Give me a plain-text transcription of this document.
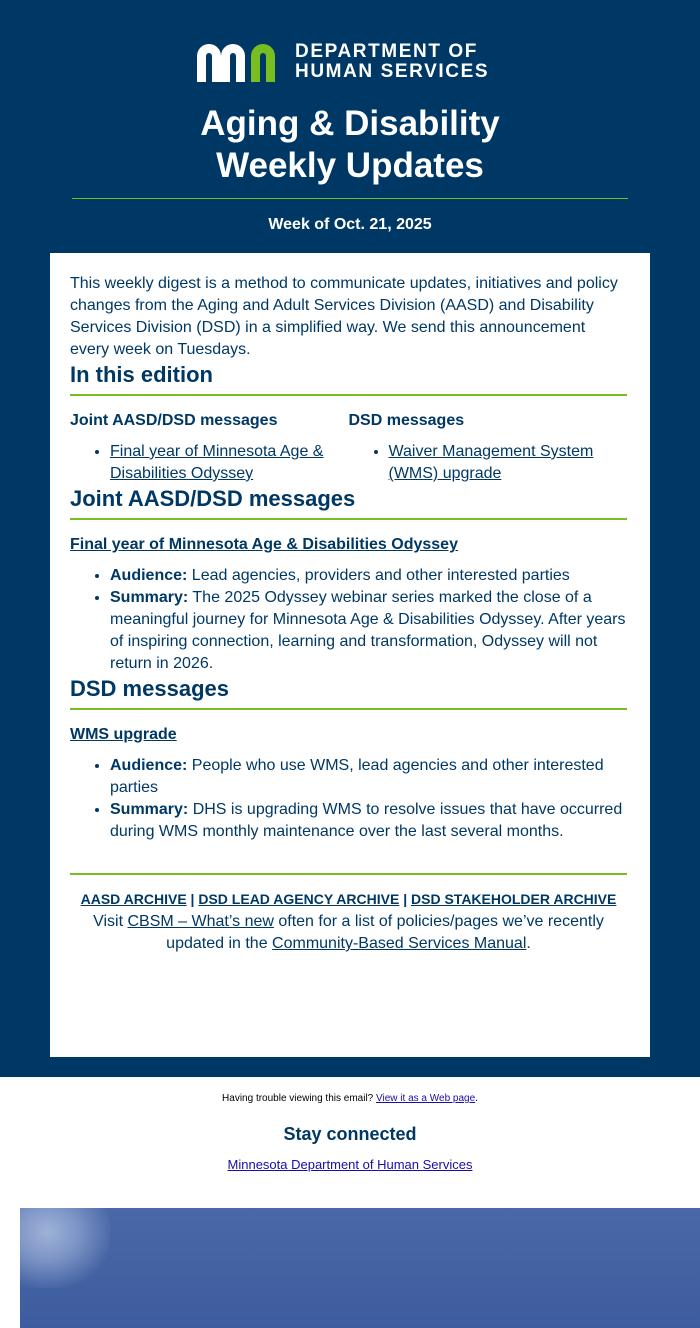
DEPARTMENT OF
HUMAN SERVICES
Aging & Disability
Weekly Updates
Week of Oct. 21, 2025

This weekly digest is a method to communicate updates, initiatives and policy changes from the Aging and Adult Services Division (AASD) and Disability Services Division (DSD) in a simplified way. We send this announcement every week on Tuesdays.

In this edition
Joint AASD/DSD messages
• Final year of Minnesota Age & Disabilities Odyssey
DSD messages
• Waiver Management System (WMS) upgrade
Joint AASD/DSD messages
Final year of Minnesota Age & Disabilities Odyssey
• Audience: Lead agencies, providers and other interested parties
• Summary: The 2025 Odyssey webinar series marked the close of a meaningful journey for Minnesota Age & Disabilities Odyssey. After years of inspiring connection, learning and transformation, Odyssey will not return in 2026.
DSD messages
WMS upgrade
• Audience: People who use WMS, lead agencies and other interested parties
• Summary: DHS is upgrading WMS to resolve issues that have occurred during WMS monthly maintenance over the last several months.
AASD ARCHIVE | DSD LEAD AGENCY ARCHIVE | DSD STAKEHOLDER ARCHIVE

Visit CBSM – What’s new often for a list of policies/pages we’ve recently updated in the Community-Based Services Manual.

Having trouble viewing this email? View it as a Web page.
Stay connected
Minnesota Department of Human Services
